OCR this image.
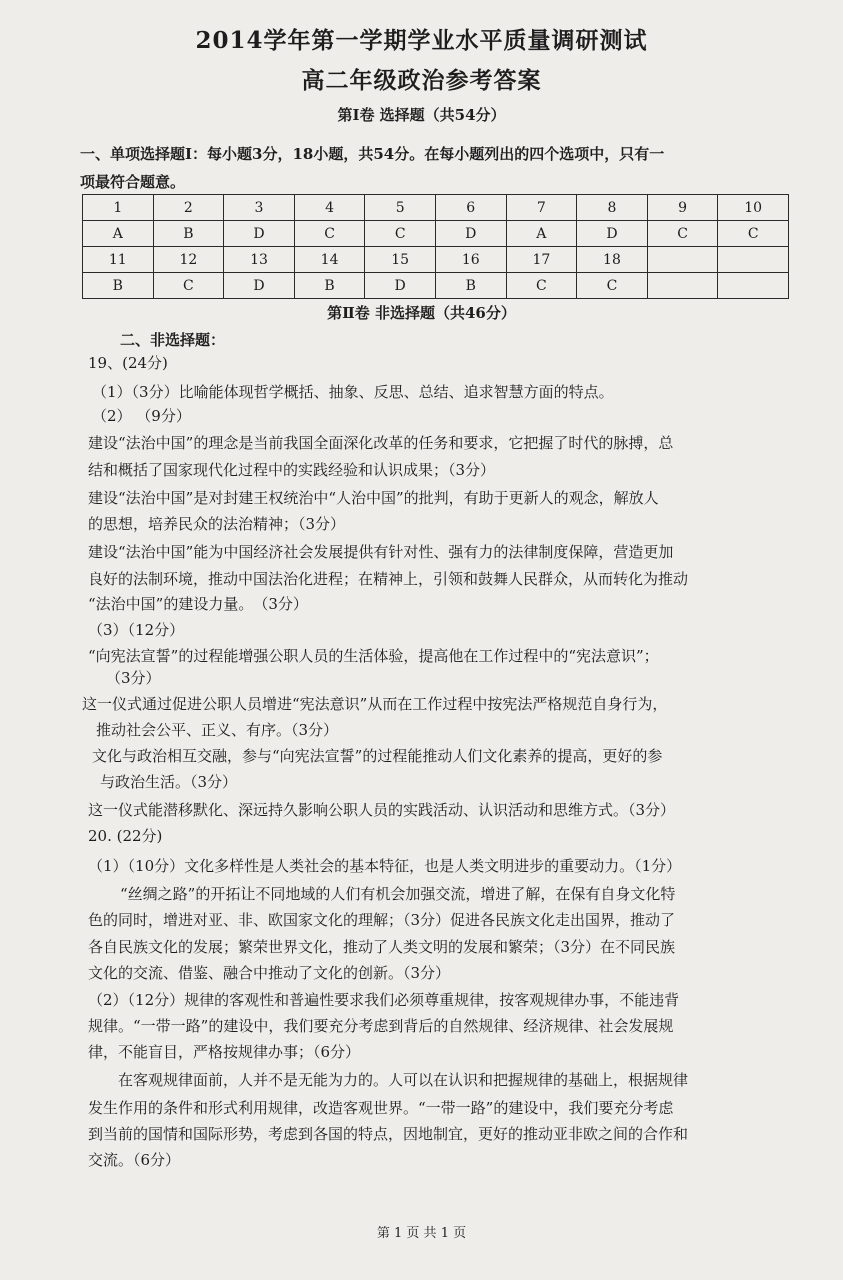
2014学年第一学期学业水平质量调研测试
高二年级政治参考答案
第Ⅰ卷 选择题（共54分）
一、单项选择题Ⅰ：每小题3分，18小题，共54分。在每小题列出的四个选项中，只有一
项最符合题意。
1	2	3	4	5	6	7	8	9	10
A	B	D	C	C	D	A	D	C	C
11	12	13	14	15	16	17	18		
B	C	D	B	D	B	C	C		
第Ⅱ卷 非选择题（共46分）
二、非选择题：
19、(24分)
（1）（3分）比喻能体现哲学概括、抽象、反思、总结、追求智慧方面的特点。
（2） （9分）
建设“法治中国”的理念是当前我国全面深化改革的任务和要求，它把握了时代的脉搏，总
结和概括了国家现代化过程中的实践经验和认识成果；（3分）
建设“法治中国”是对封建王权统治中“人治中国”的批判，有助于更新人的观念，解放人
的思想，培养民众的法治精神；（3分）
建设“法治中国”能为中国经济社会发展提供有针对性、强有力的法律制度保障，营造更加
良好的法制环境，推动中国法治化进程；在精神上，引领和鼓舞人民群众，从而转化为推动
“法治中国”的建设力量。　（3分）
（3）（12分）
“向宪法宣誓”的过程能增强公职人员的生活体验，提高他在工作过程中的“宪法意识”；
（3分）
这一仪式通过促进公职人员增进“宪法意识”从而在工作过程中按宪法严格规范自身行为，
推动社会公平、正义、有序。（3分）
文化与政治相互交融，参与“向宪法宣誓”的过程能推动人们文化素养的提高，更好的参
与政治生活。（3分）
这一仪式能潜移默化、深远持久影响公职人员的实践活动、认识活动和思维方式。（3分）
20. (22分)
（1）（10分）文化多样性是人类社会的基本特征，也是人类文明进步的重要动力。（1分）
“丝绸之路”的开拓让不同地域的人们有机会加强交流，增进了解，在保有自身文化特
色的同时，增进对亚、非、欧国家文化的理解；（3分）促进各民族文化走出国界，推动了
各自民族文化的发展；繁荣世界文化，推动了人类文明的发展和繁荣；（3分）在不同民族
文化的交流、借鉴、融合中推动了文化的创新。（3分）
（2）（12分）规律的客观性和普遍性要求我们必须尊重规律，按客观规律办事，不能违背
规律。“一带一路”的建设中，我们要充分考虑到背后的自然规律、经济规律、社会发展规
律，不能盲目，严格按规律办事；（6分）
在客观规律面前，人并不是无能为力的。人可以在认识和把握规律的基础上，根据规律
发生作用的条件和形式利用规律，改造客观世界。“一带一路”的建设中，我们要充分考虑
到当前的国情和国际形势，考虑到各国的特点，因地制宜，更好的推动亚非欧之间的合作和
交流。（6分）
第 1 页 共 1 页
